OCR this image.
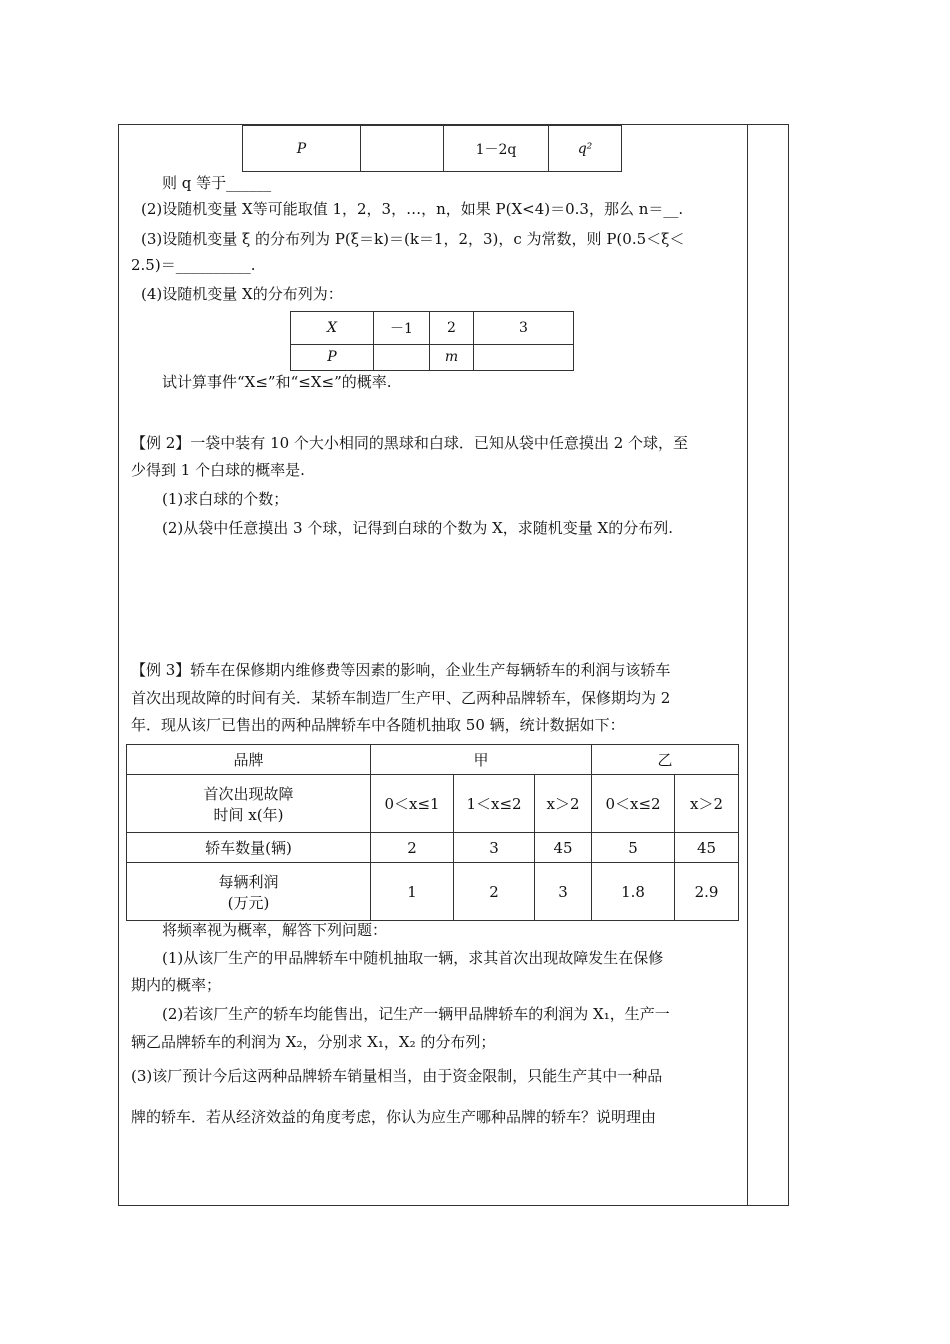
P		1－2q	q²
则 q 等于______
(2)设随机变量 X等可能取值 1，2，3，…，n，如果 P(X<4)＝0.3，那么 n＝__.
(3)设随机变量 ξ 的分布列为 P(ξ＝k)＝(k＝1，2，3)，c 为常数，则 P(0.5＜ξ＜
2.5)＝__________.
(4)设随机变量 X的分布列为：
X	－1	2	3
P		m	
试计算事件“X≤”和“≤X≤”的概率.
【例 2】一袋中装有 10 个大小相同的黑球和白球．已知从袋中任意摸出 2 个球，至
少得到 1 个白球的概率是.
(1)求白球的个数；
(2)从袋中任意摸出 3 个球，记得到白球的个数为 X，求随机变量 X的分布列.
【例 3】轿车在保修期内维修费等因素的影响，企业生产每辆轿车的利润与该轿车
首次出现故障的时间有关．某轿车制造厂生产甲、乙两种品牌轿车，保修期均为 2
年．现从该厂已售出的两种品牌轿车中各随机抽取 50 辆，统计数据如下：
品牌	甲			乙	

首次出现故障
时间 x(年)	0＜x≤1	1＜x≤2	x＞2	0＜x≤2	x＞2
轿车数量(辆)	2	3	45	5	45

每辆利润
(万元)	1	2	3	1.8	2.9
将频率视为概率，解答下列问题：
(1)从该厂生产的甲品牌轿车中随机抽取一辆，求其首次出现故障发生在保修
期内的概率；
(2)若该厂生产的轿车均能售出，记生产一辆甲品牌轿车的利润为 X₁，生产一
辆乙品牌轿车的利润为 X₂，分别求 X₁，X₂ 的分布列；
(3)该厂预计今后这两种品牌轿车销量相当，由于资金限制，只能生产其中一种品
牌的轿车．若从经济效益的角度考虑，你认为应生产哪种品牌的轿车？说明理由
